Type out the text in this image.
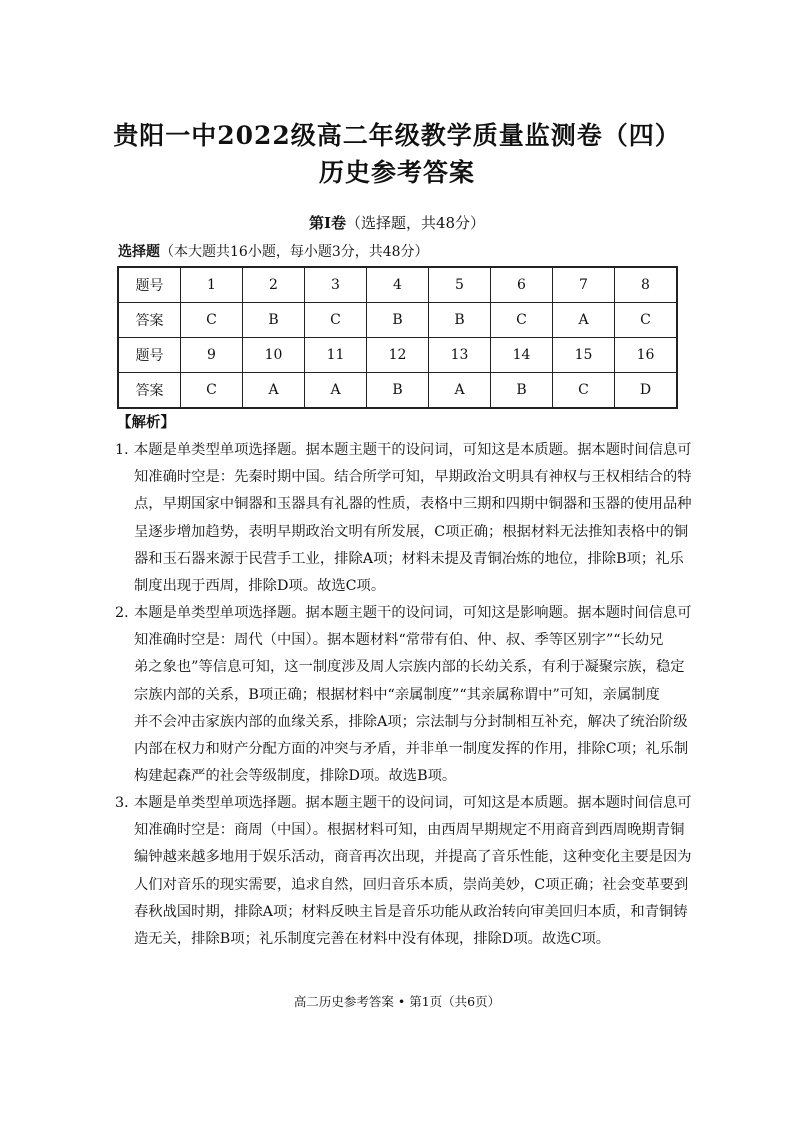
贵阳一中2022级高二年级教学质量监测卷（四）
历史参考答案
第Ⅰ卷（选择题，共48分）
选择题（本大题共16小题，每小题3分，共48分）
题号	1	2	3	4	5	6	7	8
答案	C	B	C	B	B	C	A	C
题号	9	10	11	12	13	14	15	16
答案	C	A	A	B	A	B	C	D
【解析】
1．本题是单类型单项选择题。据本题主题干的设问词，可知这是本质题。据本题时间信息可
知准确时空是：先秦时期中国。结合所学可知，早期政治文明具有神权与王权相结合的特
点，早期国家中铜器和玉器具有礼器的性质，表格中三期和四期中铜器和玉器的使用品种
呈逐步增加趋势，表明早期政治文明有所发展，C项正确；根据材料无法推知表格中的铜
器和玉石器来源于民营手工业，排除A项；材料未提及青铜冶炼的地位，排除B项；礼乐
制度出现于西周，排除D项。故选C项。
2．本题是单类型单项选择题。据本题主题干的设问词，可知这是影响题。据本题时间信息可
知准确时空是：周代（中国）。据本题材料“常带有伯、仲、叔、季等区别字”“长幼兄
弟之象也”等信息可知，这一制度涉及周人宗族内部的长幼关系，有利于凝聚宗族，稳定
宗族内部的关系，B项正确；根据材料中“亲属制度”“其亲属称谓中”可知，亲属制度
并不会冲击家族内部的血缘关系，排除A项；宗法制与分封制相互补充，解决了统治阶级
内部在权力和财产分配方面的冲突与矛盾，并非单一制度发挥的作用，排除C项；礼乐制
构建起森严的社会等级制度，排除D项。故选B项。
3．本题是单类型单项选择题。据本题主题干的设问词，可知这是本质题。据本题时间信息可
知准确时空是：商周（中国）。根据材料可知，由西周早期规定不用商音到西周晚期青铜
编钟越来越多地用于娱乐活动，商音再次出现，并提高了音乐性能，这种变化主要是因为
人们对音乐的现实需要，追求自然，回归音乐本质，崇尚美妙，C项正确；社会变革要到
春秋战国时期，排除A项；材料反映主旨是音乐功能从政治转向审美回归本质，和青铜铸
造无关，排除B项；礼乐制度完善在材料中没有体现，排除D项。故选C项。
高二历史参考答案 • 第1页（共6页）
